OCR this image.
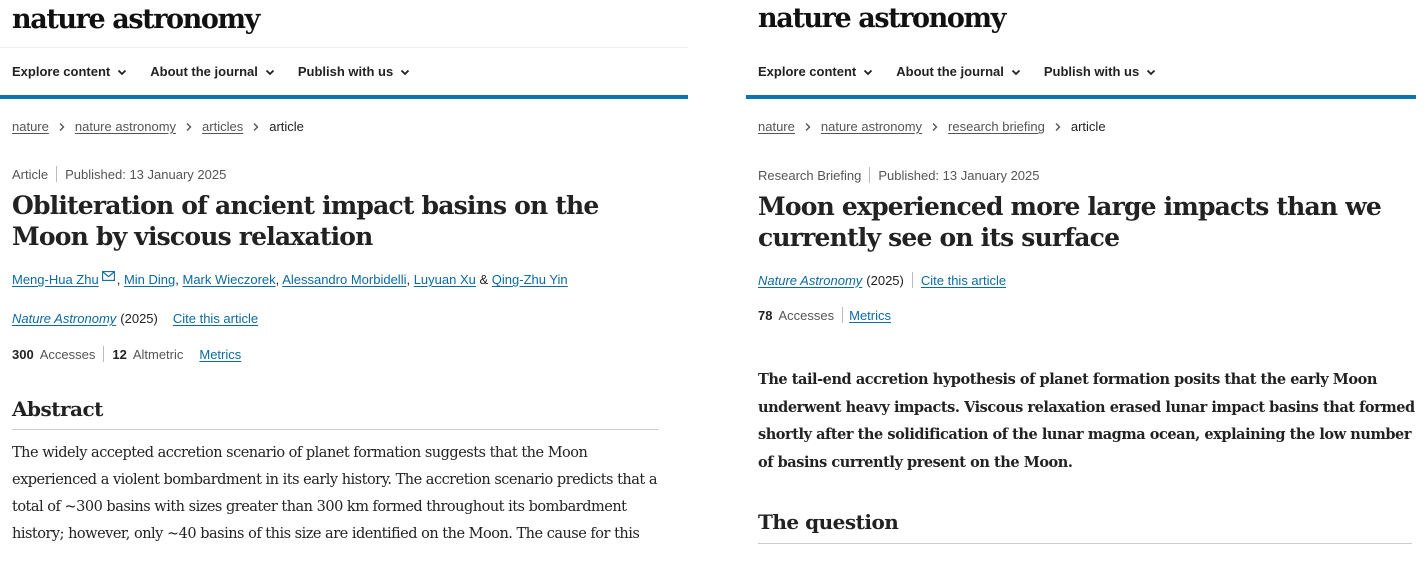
nature astronomy
Explore content	About the journal	Publish with us
nature nature astronomy articles article
Article Published: 13 January 2025
Obliteration of ancient impact basins on the Moon by viscous relaxation
Meng-Hua Zhu , Min Ding, Mark Wieczorek, Alessandro Morbidelli, Luyuan Xu & Qing-Zhu Yin
Nature Astronomy (2025) Cite this article
300 Accesses 12 Altmetric Metrics
Abstract

The widely accepted accretion scenario of planet formation suggests that the Moon experienced a violent bombardment in its early history. The accretion scenario predicts that a total of ~300 basins with sizes greater than 300 km formed throughout its bombardment history; however, only ~40 basins of this size are identified on the Moon. The cause for this

nature astronomy
Explore content	About the journal	Publish with us
nature nature astronomy research briefing article
Research Briefing Published: 13 January 2025
Moon experienced more large impacts than we currently see on its surface
Nature Astronomy (2025) Cite this article
78 Accesses Metrics

The tail-end accretion hypothesis of planet formation posits that the early Moon underwent heavy impacts. Viscous relaxation erased lunar impact basins that formed shortly after the solidification of the lunar magma ocean, explaining the low number of basins currently present on the Moon.

The question
